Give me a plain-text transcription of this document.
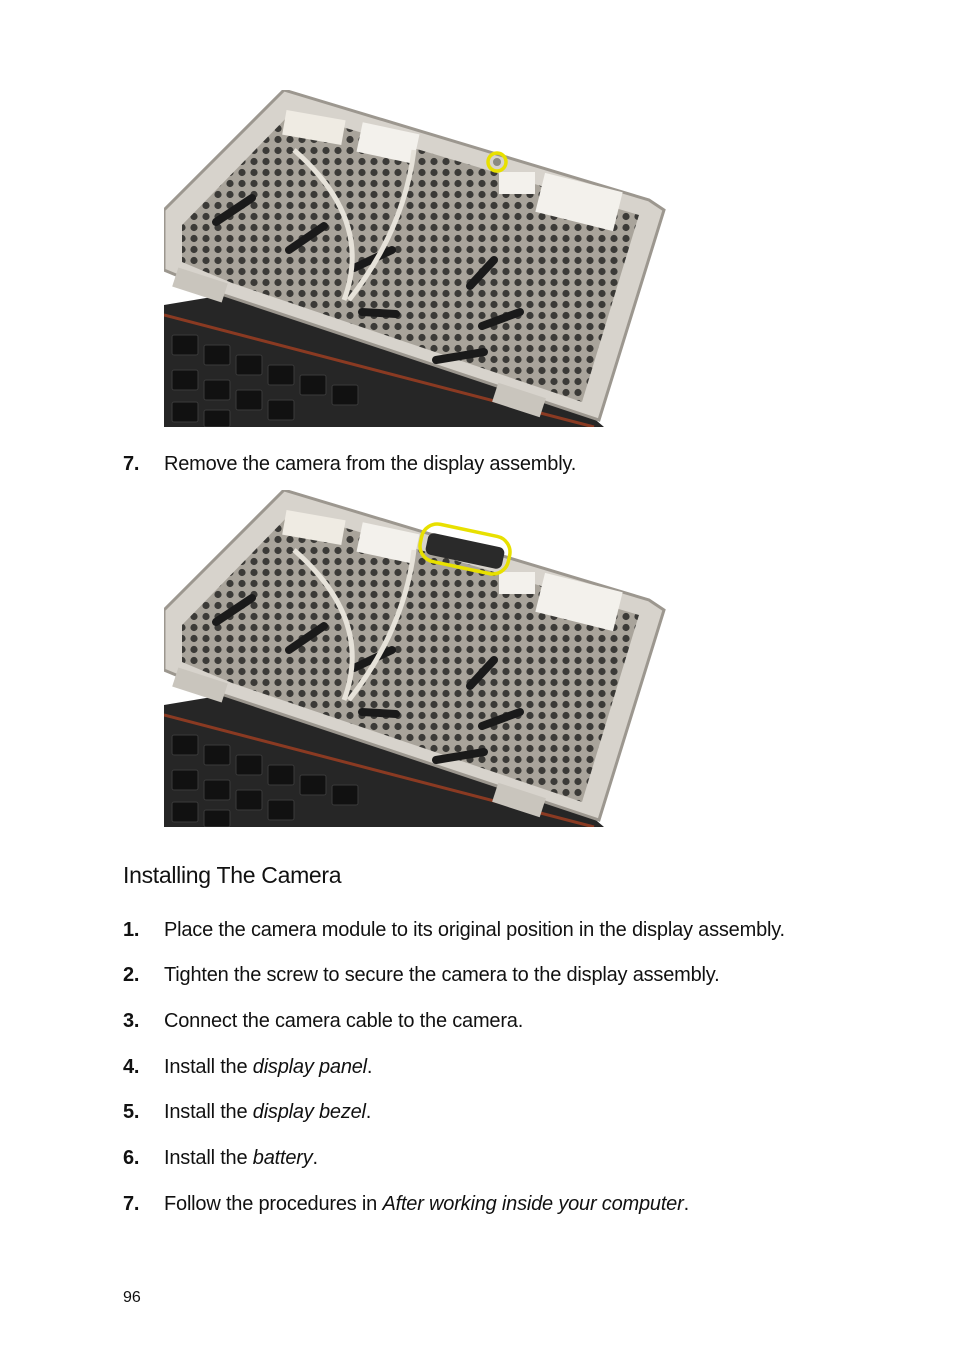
7. Remove the camera from the display assembly.
Installing The Camera
1. Place the camera module to its original position in the display assembly.
2. Tighten the screw to secure the camera to the display assembly.
3. Connect the camera cable to the camera.
4. Install the display panel.
5. Install the display bezel.
6. Install the battery.
7. Follow the procedures in After working inside your computer.
96
